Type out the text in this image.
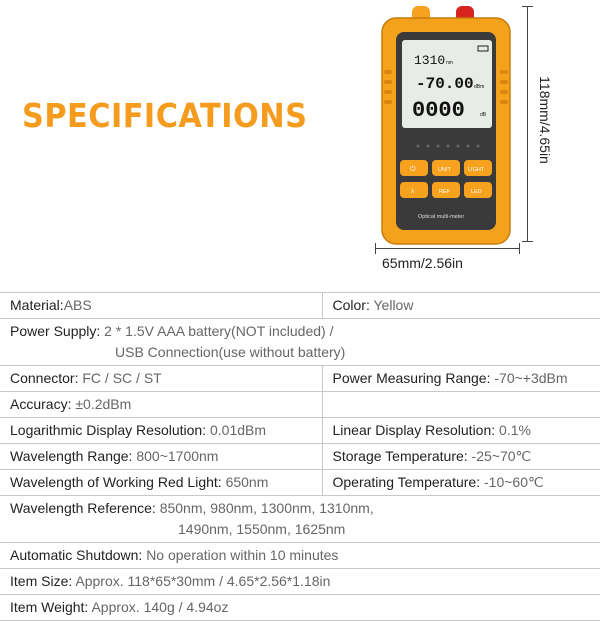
SPECIFICATIONS
1310 nm
-70.00 dBm
0000	dB
⏻	UNIT	LIGHT
λ	REF	LED
Optical multi-meter
65mm/2.56in
118mm/4.65in
Material:ABS	Color: Yellow
Power Supply: 2 * 1.5V AAA battery(NOT included) /
USB Connection(use without battery)	

Connector: FC / SC / ST	Power Measuring Range: -70~+3dBm
Accuracy: ±0.2dBm	
Logarithmic Display Resolution: 0.01dBm	Linear Display Resolution: 0.1%
Wavelength Range: 800~1700nm	Storage Temperature: -25~70℃
Wavelength of Working Red Light: 650nm	Operating Temperature: -10~60℃
Wavelength Reference: 850nm, 980nm, 1300nm, 1310nm,
1490nm, 1550nm, 1625nm	

Automatic Shutdown: No operation within 10 minutes	
Item Size: Approx. 118*65*30mm / 4.65*2.56*1.18in	
Item Weight: Approx. 140g / 4.94oz	
